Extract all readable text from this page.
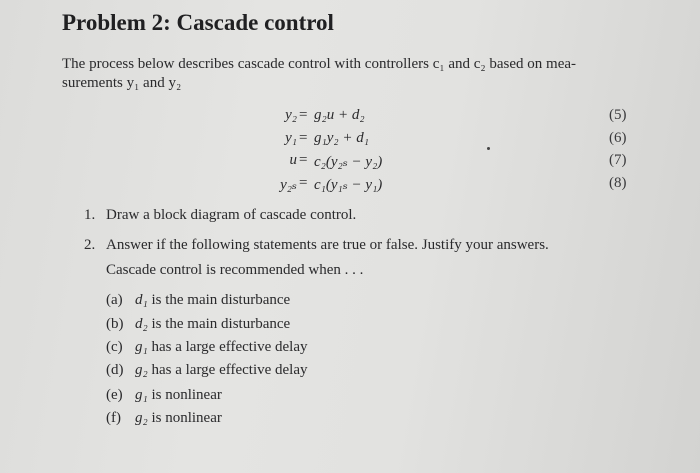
Problem 2: Cascade control
The process below describes cascade control with controllers c₁ and c₂ based on mea-
surements y₁ and y₂
y₂ = g₂u + d₂	(5)
y₁ = g₁y₂ + d₁	(6)
u = c₂(y₂ₛ − y₂)	(7)
y₂ₛ = c₁(y₁ₛ − y₁)	(8)
1. Draw a block diagram of cascade control.
2. Answer if the following statements are true or false. Justify your answers.
Cascade control is recommended when . . .
(a) d₁ is the main disturbance
(b) d₂ is the main disturbance
(c) g₁ has a large effective delay
(d) g₂ has a large effective delay
(e) g₁ is nonlinear
(f) g₂ is nonlinear
